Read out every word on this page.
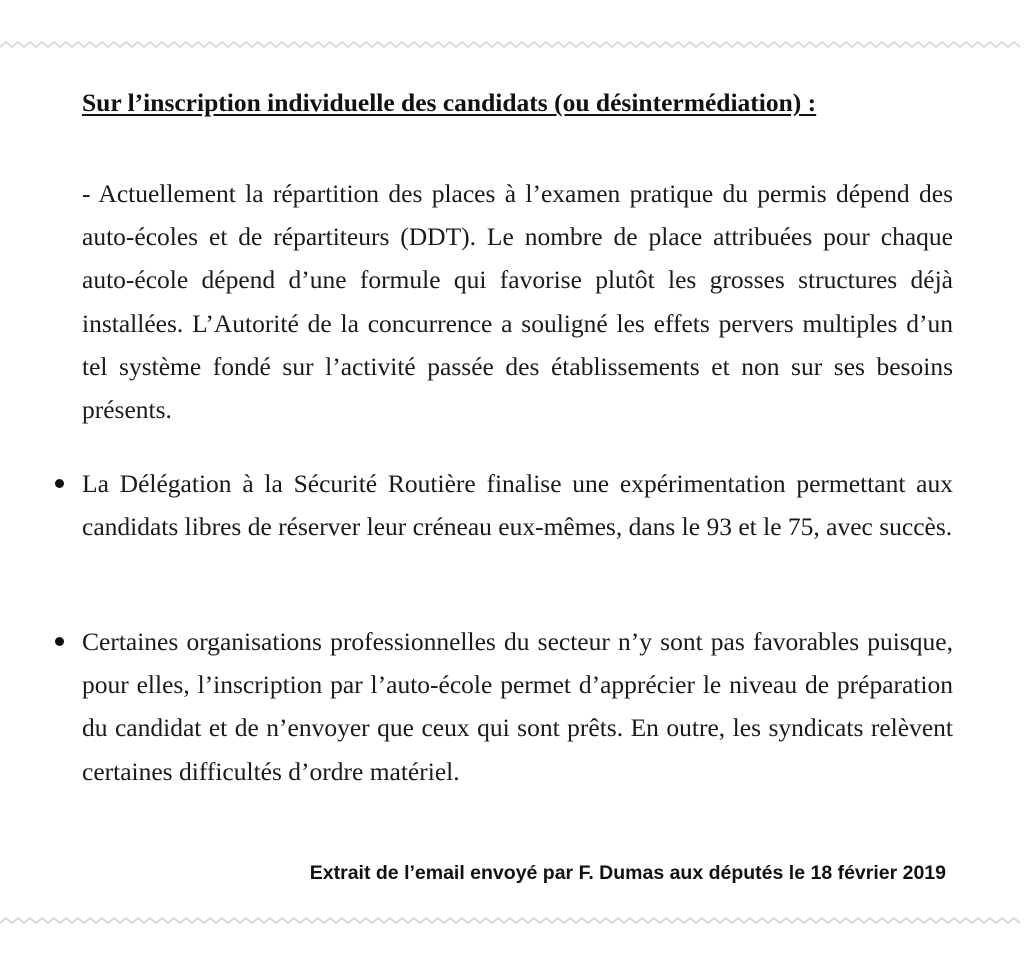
Sur l’inscription individuelle des candidats (ou désintermédiation) :

- Actuellement la répartition des places à l’examen pratique du permis dépend des auto-écoles et de répartiteurs (DDT). Le nombre de place attribuées pour chaque auto-école dépend d’une formule qui favorise plutôt les grosses structures déjà installées. L’Autorité de la concurrence a souligné les effets pervers multiples d’un tel système fondé sur l’activité passée des établissements et non sur ses besoins présents.

La Délégation à la Sécurité Routière finalise une expérimentation permettant aux candidats libres de réserver leur créneau eux-mêmes, dans le 93 et le 75, avec succès.

Certaines organisations professionnelles du secteur n’y sont pas favorables puisque, pour elles, l’inscription par l’auto-école permet d’apprécier le niveau de préparation du candidat et de n’envoyer que ceux qui sont prêts. En outre, les syndicats relèvent certaines difficultés d’ordre matériel.

Extrait de l’email envoyé par F. Dumas aux députés le 18 février 2019
